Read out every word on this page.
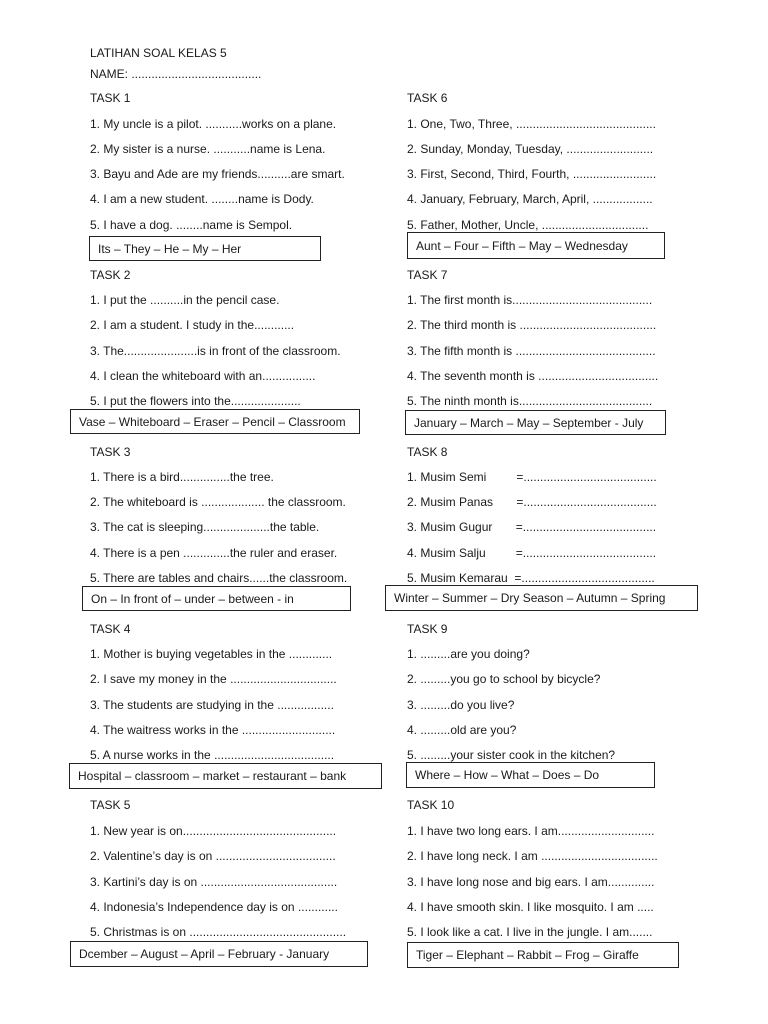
LATIHAN SOAL KELAS 5
NAME: .......................................
TASK 1
1. My uncle is a pilot. ...........works on a plane.
2. My sister is a nurse. ...........name is Lena.
3. Bayu and Ade are my friends..........are smart.
4. I am a new student. ........name is Dody.
5. I have a dog. ........name is Sempol.
Its – They – He – My – Her
TASK 2
1. I put the ..........in the pencil case.
2. I am a student. I study in the............
3. The......................is in front of the classroom.
4. I clean the whiteboard with an................
5. I put the flowers into the.....................
Vase – Whiteboard – Eraser – Pencil – Classroom
TASK 3
1. There is a bird...............the tree.
2. The whiteboard is ................... the classroom.
3. The cat is sleeping....................the table.
4. There is a pen ..............the ruler and eraser.
5. There are tables and chairs......the classroom.
On – In front of – under – between - in
TASK 4
1. Mother is buying vegetables in the .............
2. I save my money in the ................................
3. The students are studying in the .................
4. The waitress works in the ............................
5. A nurse works in the ....................................
Hospital – classroom – market – restaurant – bank
TASK 5
1. New year is on..............................................
2. Valentine’s day is on ....................................
3. Kartini’s day is on .........................................
4. Indonesia’s Independence day is on ............
5. Christmas is on ...............................................
Dcember – August – April – February - January
TASK 6
1. One, Two, Three, ..........................................
2. Sunday, Monday, Tuesday, ..........................
3. First, Second, Third, Fourth, .........................
4. January, February, March, April, ..................
5. Father, Mother, Uncle, ................................
Aunt – Four – Fifth – May – Wednesday
TASK 7
1. The first month is..........................................
2. The third month is .........................................
3. The fifth month is ..........................................
4. The seventh month is ....................................
5. The ninth month is........................................
January – March – May – September - July
TASK 8
1. Musim Semi         =........................................
2. Musim Panas       =........................................
3. Musim Gugur       =........................................
4. Musim Salju         =........................................
5. Musim Kemarau  =........................................
Winter – Summer – Dry Season – Autumn – Spring
TASK 9
1. .........are you doing?
2. .........you go to school by bicycle?
3. .........do you live?
4. .........old are you?
5. .........your sister cook in the kitchen?
Where – How – What – Does – Do
TASK 10
1. I have two long ears. I am.............................
2. I have long neck. I am ...................................
3. I have long nose and big ears. I am..............
4. I have smooth skin. I like mosquito. I am .....
5. I look like a cat. I live in the jungle. I am.......
Tiger – Elephant – Rabbit – Frog – Giraffe
